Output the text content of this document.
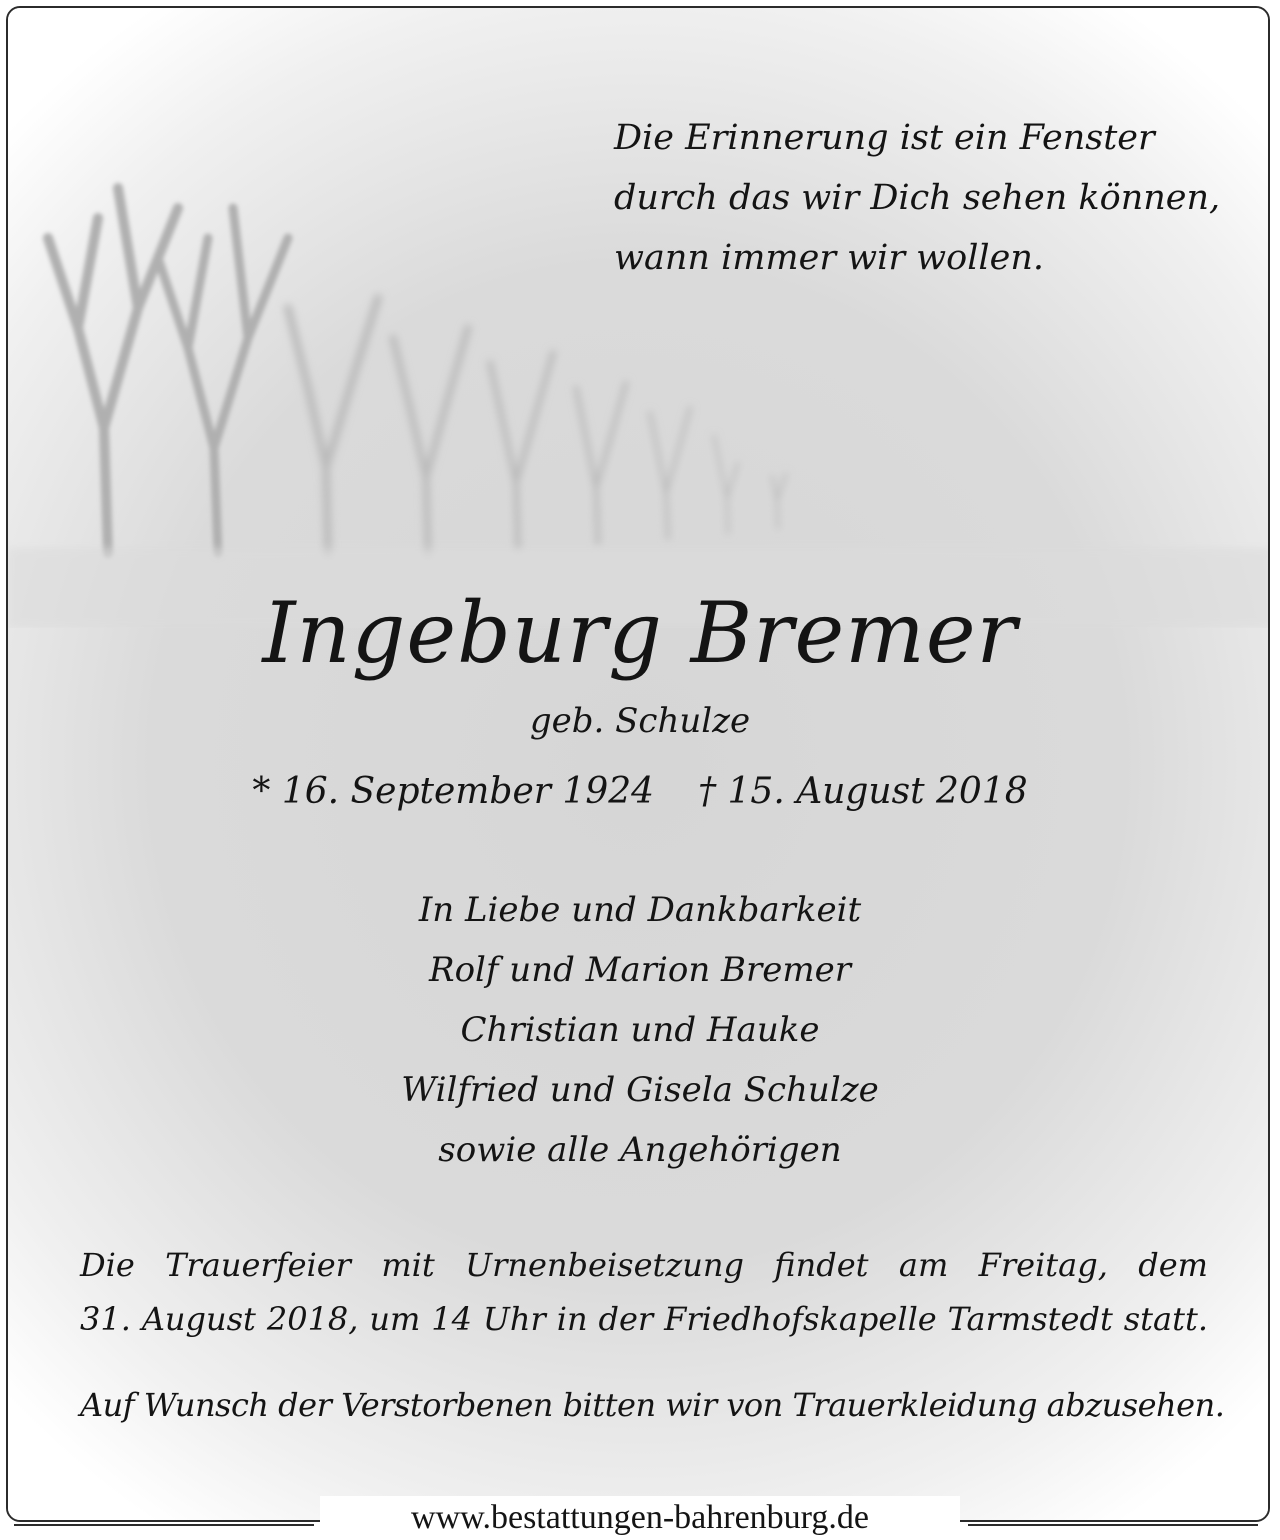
Die Erinnerung ist ein Fenster
durch das wir Dich sehen können,
wann immer wir wollen.
Ingeburg Bremer
geb. Schulze
* 16. September 1924 † 15. August 2018
In Liebe und Dankbarkeit
Rolf und Marion Bremer
Christian und Hauke
Wilfried und Gisela Schulze
sowie alle Angehörigen
Die Trauerfeier mit Urnenbeisetzung findet am Freitag, dem
31. August 2018, um 14 Uhr in der Friedhofskapelle Tarmstedt statt.
Auf Wunsch der Verstorbenen bitten wir von Trauerkleidung abzusehen.
www.bestattungen-bahrenburg.de
